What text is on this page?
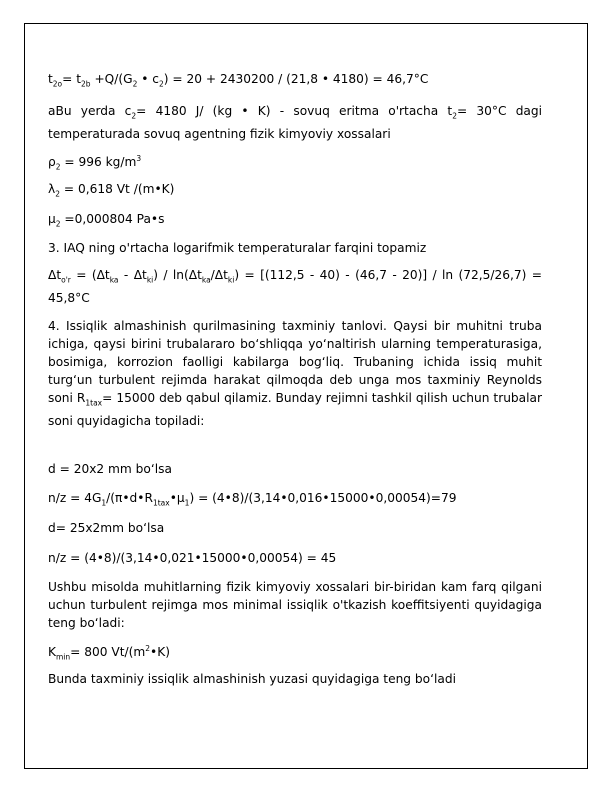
$t_{2o}= t_{2b} +Q/(G_2$ • $c_2) = 20 + 2430200 / (21,8$ • 4180) = 46,7°C

aBu yerda $c_2= 4180$ J/ (kg • K) - sovuq eritma o'rtacha $t_2= 30^\circ C$ dagi temperaturada sovuq agentning fizik kimyoviy xossalari

$\rho_2 = 996$ $kg/m^3$

$\lambda_2 = 0,618$ Vt /(m•K)

$\mu_2 =0,000804$ Pa•s

3. IAQ ning o'rtacha logarifmik temperaturalar farqini topamiz

$\Delta t_{o'r} = (\Delta t_{ka} - \Delta t_{ki}) / \ln(\Delta t_{ka}/\Delta t_{ki}) = [(112,5 - 40) - (46,7 - 20)] / \ln (72,5/26,7) = 45,8^\circ C$

4. Issiqlik almashinish qurilmasining taxminiy tanlovi. Qaysi bir muhitni truba ichiga, qaysi birini trubalararo bo‘shliqqa yo‘naltirish ularning temperaturasiga, bosimiga, korrozion faolligi kabilarga bog‘liq. Trubaning ichida issiq muhit turg‘un turbulent rejimda harakat qilmoqda deb unga mos taxminiy Reynolds soni $R_{1tax}= 15000$ deb qabul qilamiz. Bunday rejimni tashkil qilish uchun trubalar soni quyidagicha topiladi:

d = 20x2 mm bo‘lsa

$n/z = 4G_1/(\pi•d•R_{1tax}•\mu_1)$ = (4•8)/(3,14•0,016•15000•0,00054)=79

d= 25x2mm bo‘lsa

n/z = (4•8)/(3,14•0,021•15000•0,00054) = 45

Ushbu misolda muhitlarning fizik kimyoviy xossalari bir-biridan kam farq qilgani uchun turbulent rejimga mos minimal issiqlik o'tkazish koeffitsiyenti quyidagiga teng bo‘ladi:

$K_{min}= 800$ $Vt/(m^2•K)$

Bunda taxminiy issiqlik almashinish yuzasi quyidagiga teng bo‘ladi
